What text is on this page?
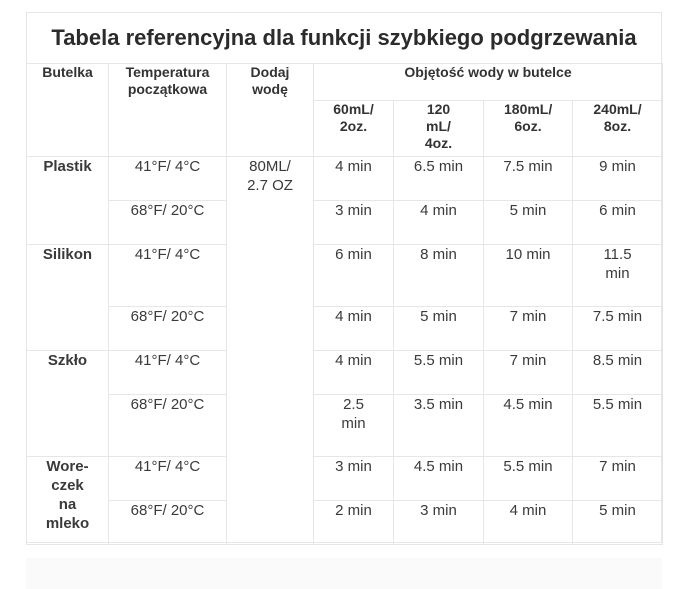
Tabela referencyjna dla funkcji szybkiego podgrzewania
Butelka	Temperatura początkowa	Dodaj wodę	Objętość wody w butelce			
			60mL/ 2oz.	120 mL/ 4oz.	180mL/ 6oz.	240mL/ 8oz.
Plastik	41°F/ 4°C	80ML/ 2.7 OZ	4 min	6.5 min	7.5 min	9 min
	68°F/ 20°C		3 min	4 min	5 min	6 min
Silikon	41°F/ 4°C		6 min	8 min	10 min	11.5 min
	68°F/ 20°C		4 min	5 min	7 min	7.5 min
Szkło	41°F/ 4°C		4 min	5.5 min	7 min	8.5 min
	68°F/ 20°C		2.5 min	3.5 min	4.5 min	5.5 min
Wore-czek na mleko	41°F/ 4°C		3 min	4.5 min	5.5 min	7 min
	68°F/ 20°C		2 min	3 min	4 min	5 min
